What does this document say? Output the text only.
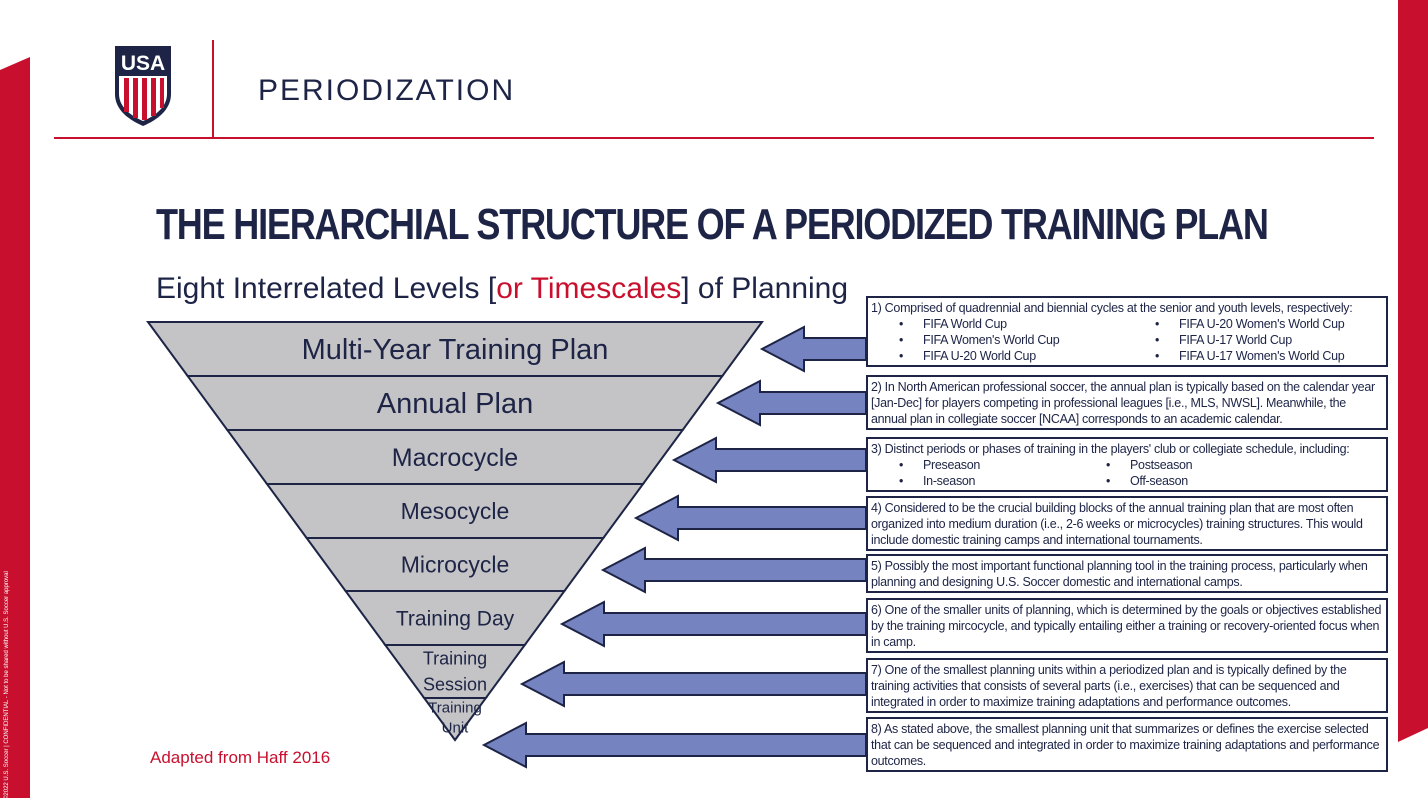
©2022 U.S. Soccer | CONFIDENTIAL - Not to be shared without U.S. Soccer approval
USA
PERIODIZATION
THE HIERARCHIAL STRUCTURE OF A PERIODIZED TRAINING PLAN
Eight Interrelated Levels [or Timescales] of Planning
Multi-Year Training Plan
Annual Plan
Macrocycle
Mesocycle
Microcycle
Training Day
Training Session
Training Unit
1) Comprised of quadrennial and biennial cycles at the senior and youth levels, respectively:
• FIFA World Cup	• FIFA U-20 Women's World Cup
• FIFA Women's World Cup	• FIFA U-17 World Cup
• FIFA U-20 World Cup	• FIFA U-17 Women's World Cup
2) In North American professional soccer, the annual plan is typically based on the calendar year [Jan-Dec] for players competing in professional leagues [i.e., MLS, NWSL]. Meanwhile, the annual plan in collegiate soccer [NCAA] corresponds to an academic calendar.
3) Distinct periods or phases of training in the players' club or collegiate schedule, including:
• Preseason	• Postseason
• In-season	• Off-season
4) Considered to be the crucial building blocks of the annual training plan that are most often organized into medium duration (i.e., 2-6 weeks or microcycles) training structures. This would include domestic training camps and international tournaments.
5) Possibly the most important functional planning tool in the training process, particularly when planning and designing U.S. Soccer domestic and international camps.
6) One of the smaller units of planning, which is determined by the goals or objectives established by the training mircocycle, and typically entailing either a training or recovery-oriented focus when in camp.
7) One of the smallest planning units within a periodized plan and is typically defined by the training activities that consists of several parts (i.e., exercises) that can be sequenced and integrated in order to maximize training adaptations and performance outcomes.
8) As stated above, the smallest planning unit that summarizes or defines the exercise selected that can be sequenced and integrated in order to maximize training adaptations and performance outcomes.
Adapted from Haff 2016
